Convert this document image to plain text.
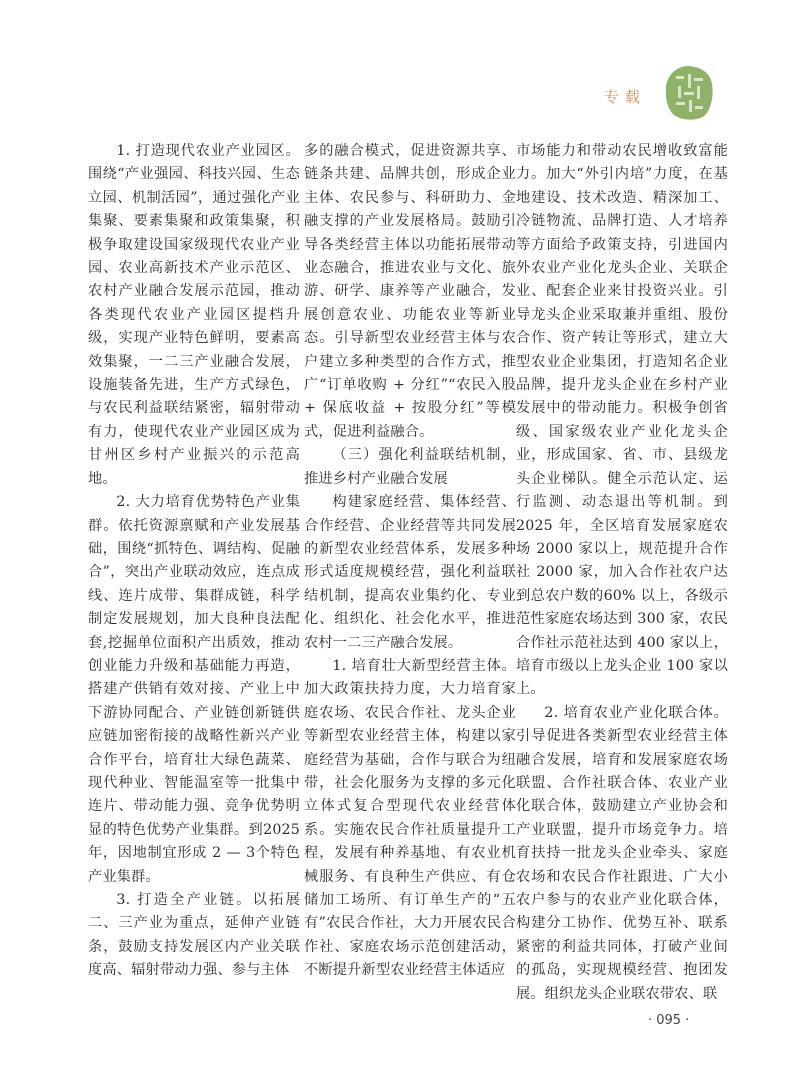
专载

1. 打造现代农业产业园区。围绕“产业强园、科技兴园、生态立园、机制活园”，通过强化产业集聚、要素集聚和政策集聚，积极争取建设国家级现代农业产业园、农业高新技术产业示范区、农村产业融合发展示范园，推动各类现代农业产业园区提档升级，实现产业特色鲜明，要素高效集聚，一二三产业融合发展，设施装备先进，生产方式绿色，与农民利益联结紧密，辐射带动有力，使现代农业产业园区成为甘州区乡村产业振兴的示范高地。

2. 大力培育优势特色产业集群。依托资源禀赋和产业发展基础，围绕“抓特色、调结构、促融合”，突出产业联动效应，连点成线、连片成带、集群成链，科学制定发展规划，加大良种良法配套,挖掘单位面积产出质效，推动创业能力升级和基础能力再造，搭建产供销有效对接、产业上中下游协同配合、产业链创新链供应链加密衔接的战略性新兴产业合作平台，培育壮大绿色蔬菜、现代种业、智能温室等一批集中连片、带动能力强、竞争优势明显的特色优势产业集群。到2025 年，因地制宜形成 2 — 3个特色产业集群。

3. 打造全产业链。以拓展二、三产业为重点，延伸产业链条，鼓励支持发展区内产业关联度高、辐射带动力强、参与主体

多的融合模式，促进资源共享、链条共建、品牌共创，形成企业主体、农民参与、科研助力、金融支撑的产业发展格局。鼓励引导各类经营主体以功能拓展带动业态融合，推进农业与文化、旅游、研学、康养等产业融合，发展创意农业、功能农业等新业态。引导新型农业经营主体与农户建立多种类型的合作方式，推广“订单收购 + 分红”“农民入股 + 保底收益 + 按股分红”等模式，促进利益融合。

（三）强化利益联结机制，推进乡村产业融合发展

构建家庭经营、集体经营、合作经营、企业经营等共同发展的新型农业经营体系，发展多种形式适度规模经营，强化利益联结机制，提高农业集约化、专业化、组织化、社会化水平，推进农村一二三产融合发展。

1. 培育壮大新型经营主体。加大政策扶持力度，大力培育家庭农场、农民合作社、龙头企业等新型农业经营主体，构建以家庭经营为基础，合作与联合为纽带，社会化服务为支撑的多元化立体式复合型现代农业经营体系。实施农民合作社质量提升工程，发展有种养基地、有农业机械服务、有良种生产供应、有仓储加工场所、有订单生产的“五有”农民合作社，大力开展农民合作社、家庭农场示范创建活动，不断提升新型农业经营主体适应

市场能力和带动农民增收致富能力。加大“外引内培”力度，在基地建设、技术改造、精深加工、冷链物流、品牌打造、人才培养等方面给予政策支持，引进国内外农业产业化龙头企业、关联企业、配套企业来甘投资兴业。引导龙头企业采取兼并重组、股份合作、资产转让等形式，建立大型农业企业集团，打造知名企业品牌，提升龙头企业在乡村产业发展中的带动能力。积极争创省级、国家级农业产业化龙头企业，形成国家、省、市、县级龙头企业梯队。健全示范认定、运行监测、动态退出等机制。到 2025 年，全区培育发展家庭农场 2000 家以上，规范提升合作社 2000 家，加入合作社农户达到总农户数的60% 以上，各级示范性家庭农场达到 300 家，农民合作社示范社达到 400 家以上，培育市级以上龙头企业 100 家以上。

2. 培育农业产业化联合体。引导促进各类新型农业经营主体融合发展，培育和发展家庭农场联盟、合作社联合体、农业产业化联合体，鼓励建立产业协会和产业联盟，提升市场竞争力。培育扶持一批龙头企业牵头、家庭农场和农民合作社跟进、广大小农户参与的农业产业化联合体，构建分工协作、优势互补、联系紧密的利益共同体，打破产业间的孤岛，实现规模经营、抱团发展。组织龙头企业联农带农、联

· 095 ·
